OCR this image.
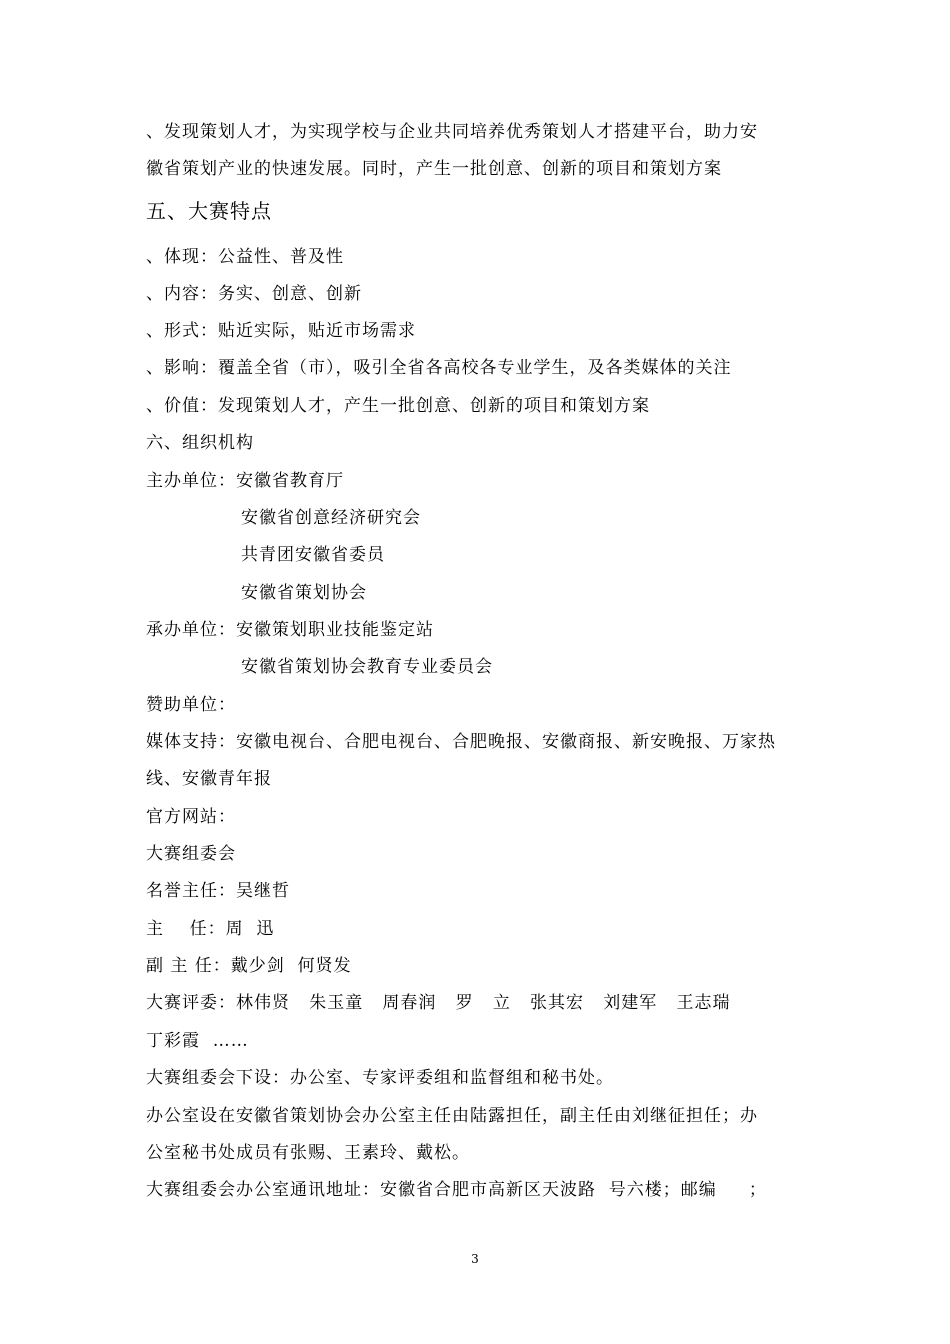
、发现策划人才，为实现学校与企业共同培养优秀策划人才搭建平台，助力安
徽省策划产业的快速发展。同时，产生一批创意、创新的项目和策划方案
五、大赛特点
、体现：公益性、普及性
、内容：务实、创意、创新
、形式：贴近实际，贴近市场需求
、影响：覆盖全省（市），吸引全省各高校各专业学生，及各类媒体的关注
、价值：发现策划人才，产生一批创意、创新的项目和策划方案
六、组织机构
主办单位：安徽省教育厅
安徽省创意经济研究会
共青团安徽省委员
安徽省策划协会
承办单位：安徽策划职业技能鉴定站
安徽省策划协会教育专业委员会
赞助单位：
媒体支持：安徽电视台、合肥电视台、合肥晚报、安徽商报、新安晚报、万家热
线、安徽青年报
官方网站：
大赛组委会
名誉主任：吴继哲
主    任：周  迅
副 主 任：戴少剑  何贤发
大赛评委：林伟贤   朱玉童   周春润   罗   立   张其宏   刘建军   王志瑞
丁彩霞  ……
大赛组委会下设：办公室、专家评委组和监督组和秘书处。
办公室设在安徽省策划协会办公室主任由陆露担任，副主任由刘继征担任；办
公室秘书处成员有张赐、王素玲、戴松。
大赛组委会办公室通讯地址：安徽省合肥市高新区天波路  号六楼；邮编     ；
3
